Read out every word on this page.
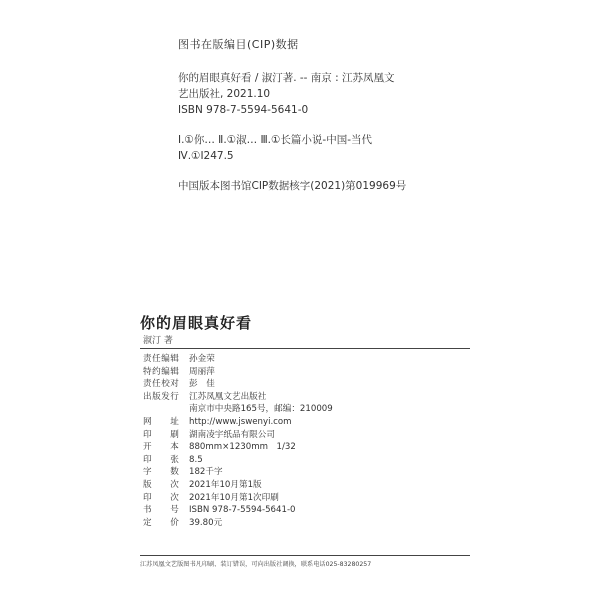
图书在版编目(CIP)数据
你的眉眼真好看 / 淑汀著. -- 南京 : 江苏凤凰文
艺出版社, 2021.10
ISBN 978-7-5594-5641-0
Ⅰ.①你… Ⅱ.①淑… Ⅲ.①长篇小说-中国-当代
Ⅳ.①I247.5
中国版本图书馆CIP数据核字(2021)第019969号
你的眉眼真好看
淑汀 著
责任编辑	孙金荣
特约编辑	周丽萍
责任校对	彭　佳
出版发行	江苏凤凰文艺出版社
南京市中央路165号，邮编：210009
网　　址	http://www.jswenyi.com
印　　刷	湖南凌宇纸品有限公司
开　　本	880mm×1230mm　1/32
印　　张	8.5
字　　数	182千字
版　　次	2021年10月第1版
印　　次	2021年10月第1次印刷
书　　号	ISBN 978-7-5594-5641-0
定　　价	39.80元
江苏凤凰文艺版图书凡印刷、装订错误，可向出版社调换，联系电话025-83280257
